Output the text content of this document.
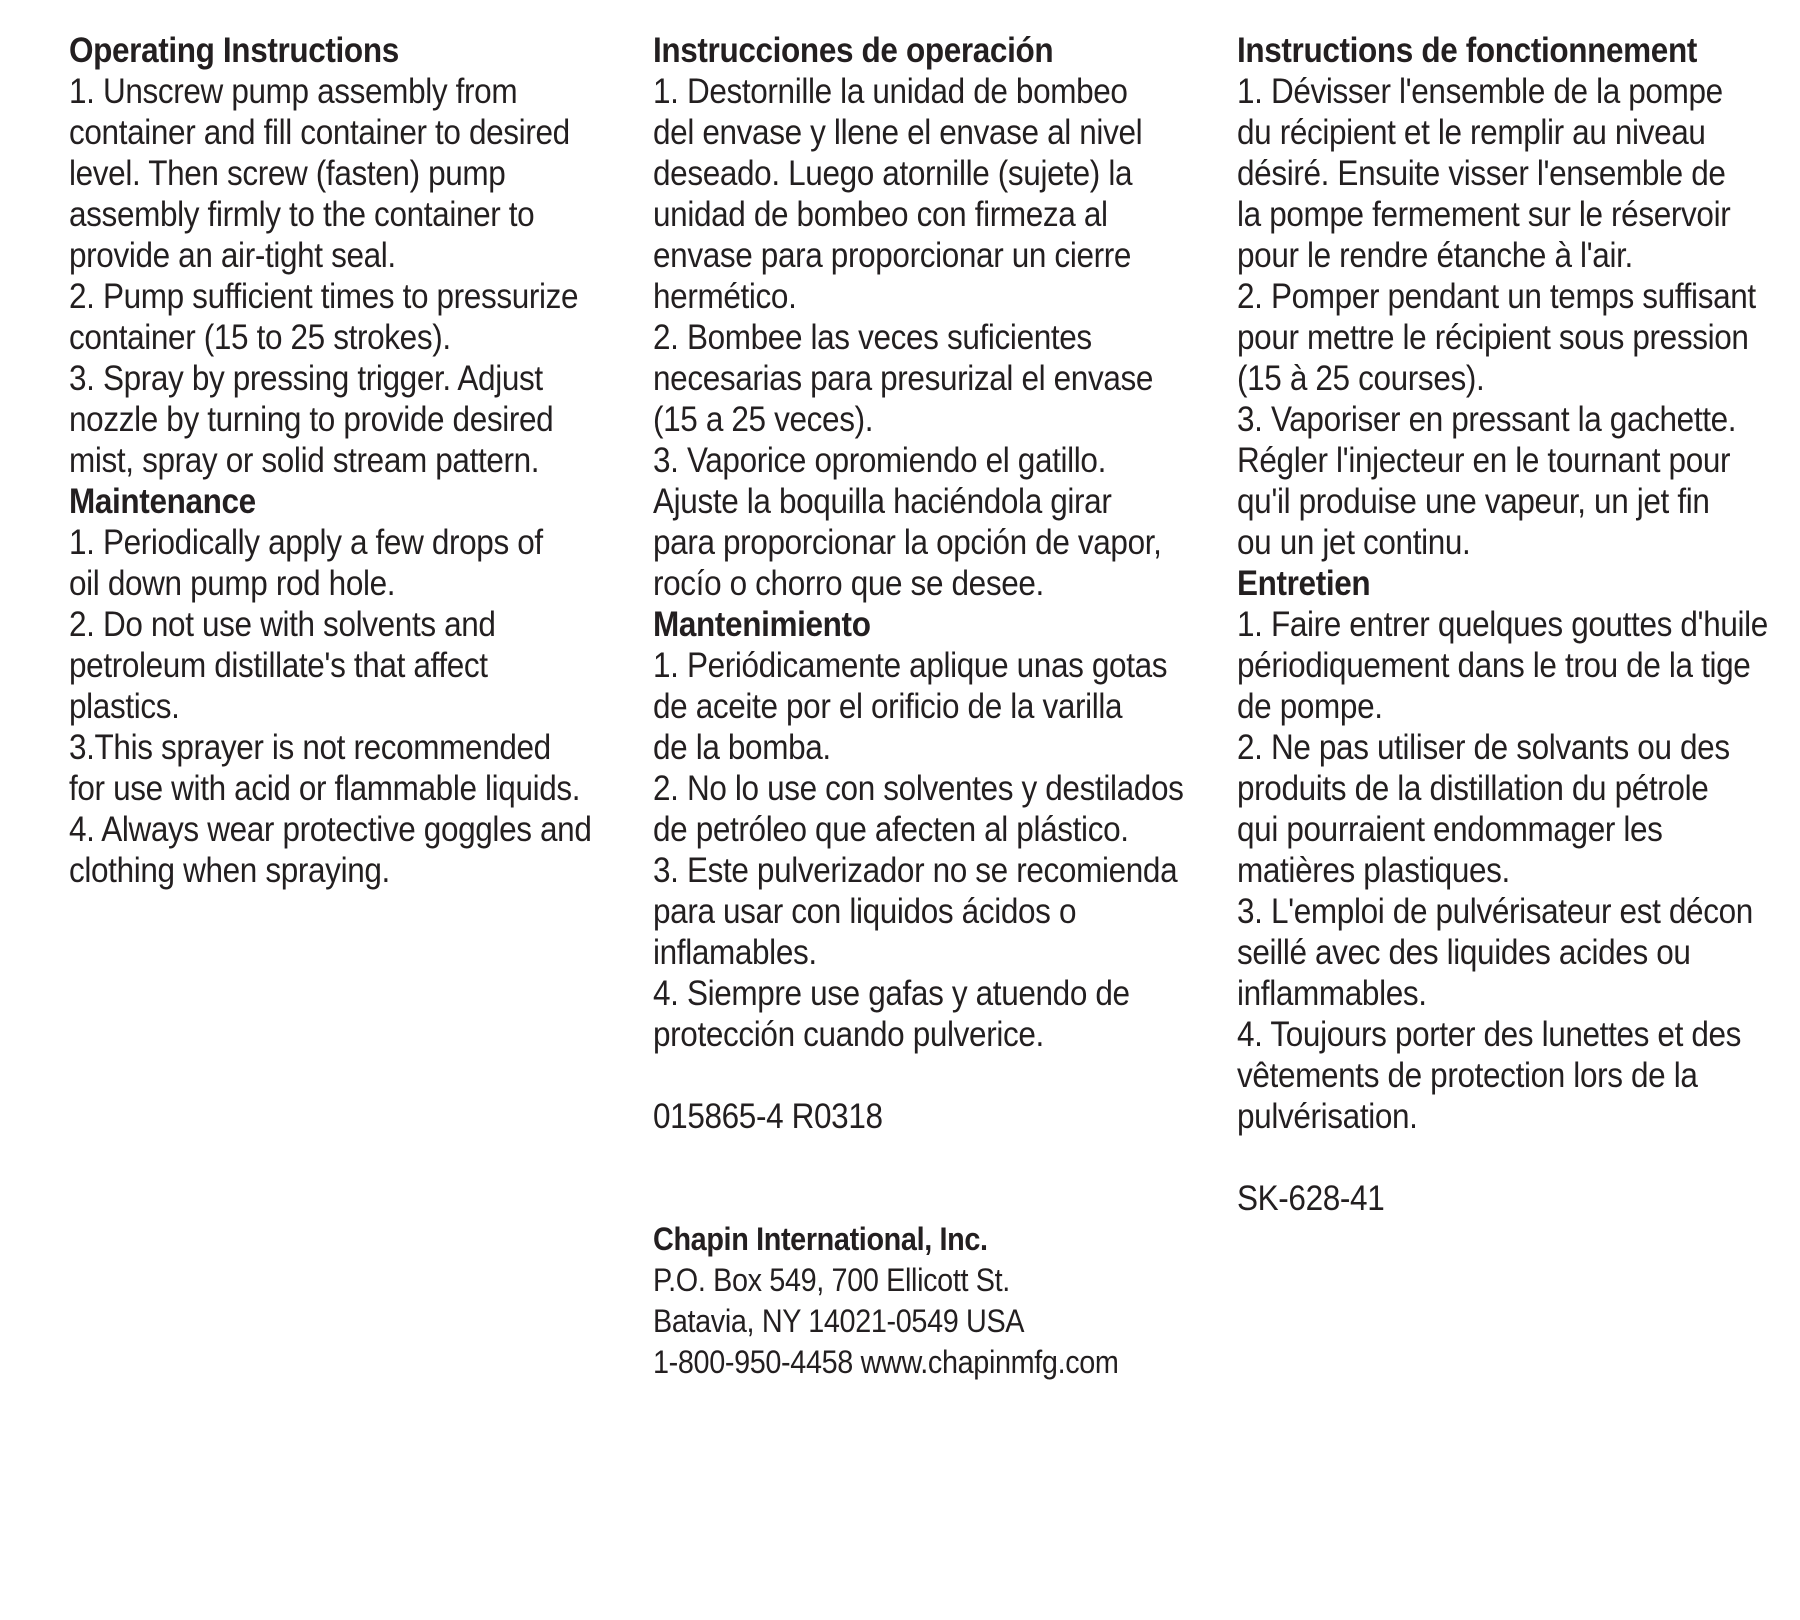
Operating Instructions
1. Unscrew pump assembly from
container and fill container to desired
level. Then screw (fasten) pump
assembly firmly to the container to
provide an air-tight seal.
2. Pump sufficient times to pressurize
container (15 to 25 strokes).
3. Spray by pressing trigger. Adjust
nozzle by turning to provide desired
mist, spray or solid stream pattern.
Maintenance
1. Periodically apply a few drops of
oil down pump rod hole.
2. Do not use with solvents and
petroleum distillate's that affect
plastics.
3.This sprayer is not recommended
for use with acid or flammable liquids.
4. Always wear protective goggles and
clothing when spraying.
Instrucciones de operación
1. Destornille la unidad de bombeo
del envase y llene el envase al nivel
deseado. Luego atornille (sujete) la
unidad de bombeo con firmeza al
envase para proporcionar un cierre
hermético.
2. Bombee las veces suficientes
necesarias para presurizal el envase
(15 a 25 veces).
3. Vaporice opromiendo el gatillo.
Ajuste la boquilla haciéndola girar
para proporcionar la opción de vapor,
rocío o chorro que se desee.
Mantenimiento
1. Periódicamente aplique unas gotas
de aceite por el orificio de la varilla
de la bomba.
2. No lo use con solventes y destilados
de petróleo que afecten al plástico.
3. Este pulverizador no se recomienda
para usar con liquidos ácidos o
inflamables.
4. Siempre use gafas y atuendo de
protección cuando pulverice.
015865-4 R0318
Chapin International, Inc.
P.O. Box 549, 700 Ellicott St.
Batavia, NY 14021-0549 USA
1-800-950-4458 www.chapinmfg.com
Instructions de fonctionnement
1. Dévisser l'ensemble de la pompe
du récipient et le remplir au niveau
désiré. Ensuite visser l'ensemble de
la pompe fermement sur le réservoir
pour le rendre étanche à l'air.
2. Pomper pendant un temps suffisant
pour mettre le récipient sous pression
(15 à 25 courses).
3. Vaporiser en pressant la gachette.
Régler l'injecteur en le tournant pour
qu'il produise une vapeur, un jet fin
ou un jet continu.
Entretien
1. Faire entrer quelques gouttes d'huile
périodiquement dans le trou de la tige
de pompe.
2. Ne pas utiliser de solvants ou des
produits de la distillation du pétrole
qui pourraient endommager les
matières plastiques.
3. L'emploi de pulvérisateur est décon
seillé avec des liquides acides ou
inflammables.
4. Toujours porter des lunettes et des
vêtements de protection lors de la
pulvérisation.
SK-628-41
